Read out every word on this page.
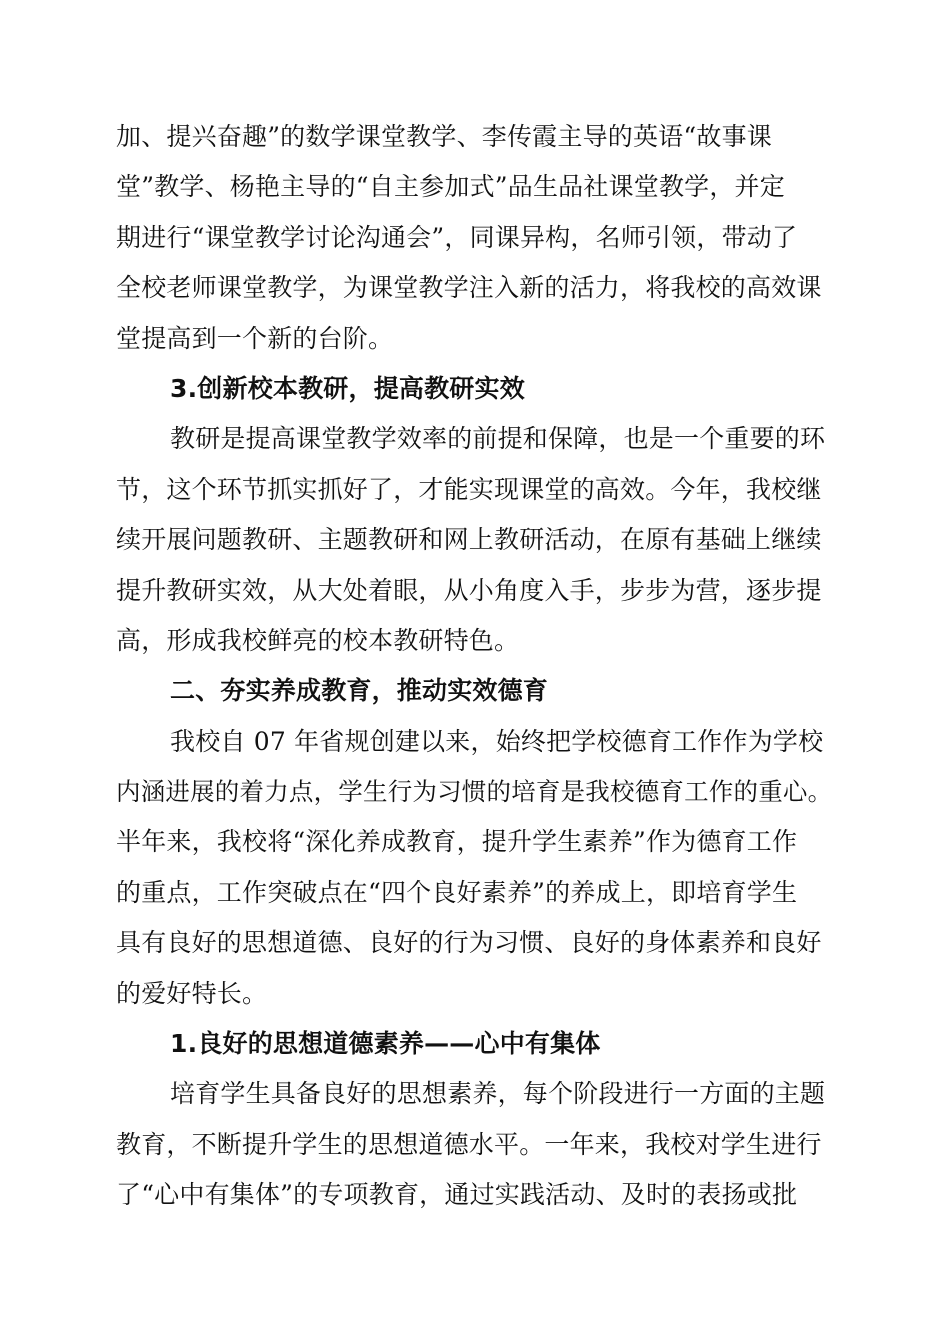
加、提兴奋趣”的数学课堂教学、李传霞主导的英语“故事课
堂”教学、杨艳主导的“自主参加式”品生品社课堂教学，并定
期进行“课堂教学讨论沟通会”，同课异构，名师引领，带动了
全校老师课堂教学，为课堂教学注入新的活力，将我校的高效课
堂提高到一个新的台阶。
3.创新校本教研，提高教研实效
教研是提高课堂教学效率的前提和保障，也是一个重要的环
节，这个环节抓实抓好了，才能实现课堂的高效。今年，我校继
续开展问题教研、主题教研和网上教研活动，在原有基础上继续
提升教研实效，从大处着眼，从小角度入手，步步为营，逐步提
高，形成我校鲜亮的校本教研特色。
二、夯实养成教育，推动实效德育
我校自 07 年省规创建以来，始终把学校德育工作作为学校
内涵进展的着力点，学生行为习惯的培育是我校德育工作的重心。
半年来，我校将“深化养成教育，提升学生素养”作为德育工作
的重点，工作突破点在“四个良好素养”的养成上，即培育学生
具有良好的思想道德、良好的行为习惯、良好的身体素养和良好
的爱好特长。
1.良好的思想道德素养——心中有集体
培育学生具备良好的思想素养，每个阶段进行一方面的主题
教育，不断提升学生的思想道德水平。一年来，我校对学生进行
了“心中有集体”的专项教育，通过实践活动、及时的表扬或批
